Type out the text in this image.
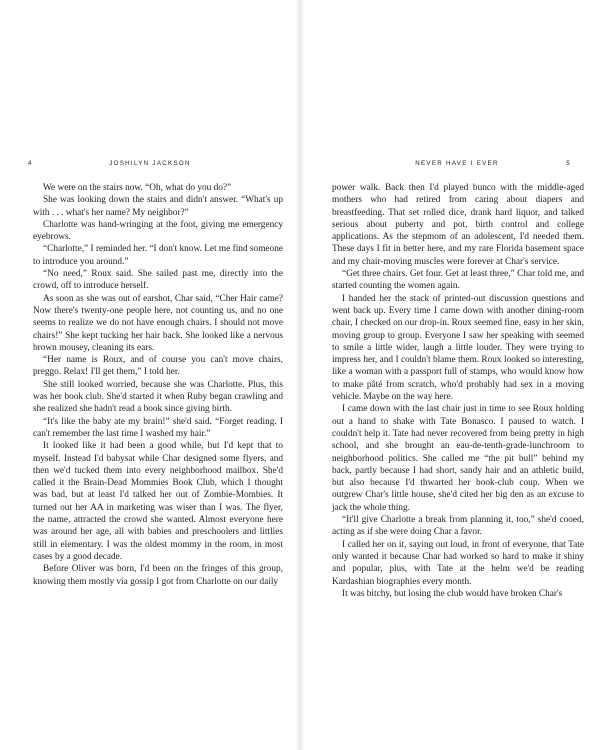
4	JOSHILYN JACKSON

We were on the stairs now. “Oh, what do you do?”

She was looking down the stairs and didn't answer. “What's up with . . . what's her name? My neighbor?”

Charlotte was hand-wringing at the foot, giving me emergency eyebrows.

“Charlotte,” I reminded her. “I don't know. Let me find someone to introduce you around.”

“No need,” Roux said. She sailed past me, directly into the crowd, off to introduce herself.

As soon as she was out of earshot, Char said, “Cher Hair came? Now there's twenty-one people here, not counting us, and no one seems to realize we do not have enough chairs. I should not move chairs!” She kept tucking her hair back. She looked like a nervous brown mousey, cleaning its ears.

“Her name is Roux, and of course you can't move chairs, preggo. Relax! I'll get them,” I told her.

She still looked worried, because she was Charlotte. Plus, this was her book club. She'd started it when Ruby began crawling and she realized she hadn't read a book since giving birth.

“It's like the baby ate my brain!” she'd said. “Forget reading. I can't remember the last time I washed my hair.”

It looked like it had been a good while, but I'd kept that to myself. Instead I'd babysat while Char designed some flyers, and then we'd tucked them into every neighborhood mailbox. She'd called it the Brain-Dead Mommies Book Club, which I thought was bad, but at least I'd talked her out of Zombie-Mombies. It turned out her AA in marketing was wiser than I was. The flyer, the name, attracted the crowd she wanted. Almost everyone here was around her age, all with babies and preschoolers and littlies still in elementary. I was the oldest mommy in the room, in most cases by a good decade.

Before Oliver was born, I'd been on the fringes of this group, knowing them mostly via gossip I got from Charlotte on our daily

NEVER HAVE I EVER	5

power walk. Back then I'd played bunco with the middle-aged mothers who had retired from caring about diapers and breastfeeding. That set rolled dice, drank hard liquor, and talked serious about puberty and pot, birth control and college applications. As the stepmom of an adolescent, I'd needed them. These days I fit in better here, and my rare Florida basement space and my chair-moving muscles were forever at Char's service.

“Get three chairs. Get four. Get at least three,” Char told me, and started counting the women again.

I handed her the stack of printed-out discussion questions and went back up. Every time I came down with another dining-room chair, I checked on our drop-in. Roux seemed fine, easy in her skin, moving group to group. Everyone I saw her speaking with seemed to smile a little wider, laugh a little louder. They were trying to impress her, and I couldn't blame them. Roux looked so interesting, like a woman with a passport full of stamps, who would know how to make pâté from scratch, who'd probably had sex in a moving vehicle. Maybe on the way here.

I came down with the last chair just in time to see Roux holding out a hand to shake with Tate Bonasco. I paused to watch. I couldn't help it. Tate had never recovered from being pretty in high school, and she brought an eau-de-tenth-grade-lunchroom to neighborhood politics. She called me “the pit bull” behind my back, partly because I had short, sandy hair and an athletic build, but also because I'd thwarted her book-club coup. When we outgrew Char's little house, she'd cited her big den as an excuse to jack the whole thing.

“It'll give Charlotte a break from planning it, too,” she'd cooed, acting as if she were doing Char a favor.

I called her on it, saying out loud, in front of everyone, that Tate only wanted it because Char had worked so hard to make it shiny and popular, plus, with Tate at the helm we'd be reading Kardashian biographies every month.

It was bitchy, but losing the club would have broken Char's
